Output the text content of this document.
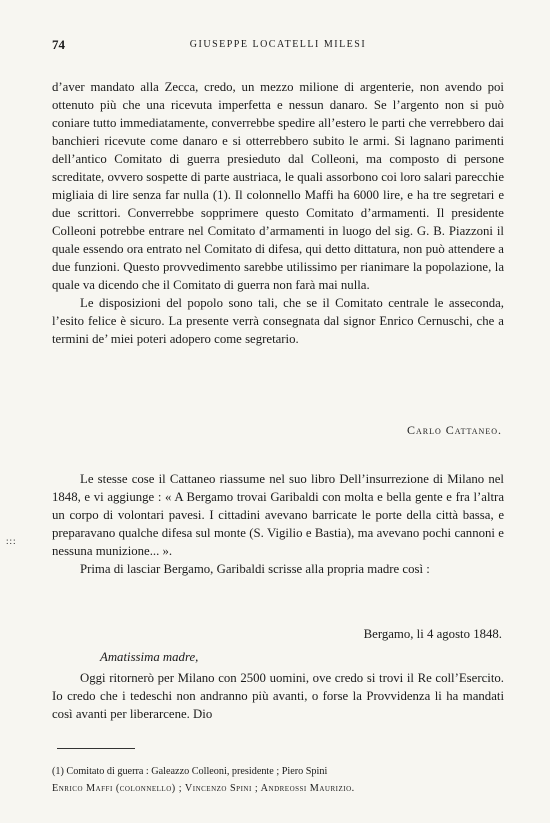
74	GIUSEPPE LOCATELLI MILESI
d’aver mandato alla Zecca, credo, un mezzo milione di argenterie, non avendo poi ottenuto più che una ricevuta imperfetta e nessun danaro. Se l’argento non si può coniare tutto immediatamente, converrebbe spedire all’estero le parti che verrebbero dai banchieri ricevute come danaro e si otterrebbero subito le armi. Si lagnano parimenti dell’antico Comitato di guerra presieduto dal Colleoni, ma composto di persone screditate, ovvero sospette di parte austriaca, le quali assorbono coi loro salari parecchie migliaia di lire senza far nulla (1). Il colonnello Maffi ha 6000 lire, e ha tre segretari e due scrittori. Converrebbe sopprimere questo Comitato d’armamenti. Il presidente Colleoni potrebbe entrare nel Comitato d’armamenti in luogo del sig. G. B. Piazzoni il quale essendo ora entrato nel Comitato di difesa, qui detto dittatura, non può attendere a due funzioni. Questo provvedimento sarebbe utilissimo per rianimare la popolazione, la quale va dicendo che il Comitato di guerra non farà mai nulla.
Le disposizioni del popolo sono tali, che se il Comitato centrale le asseconda, l’esito felice è sicuro. La presente verrà consegnata dal signor Enrico Cernuschi, che a termini de’ miei poteri adopero come segretario.
Carlo Cattaneo.
Le stesse cose il Cattaneo riassume nel suo libro Dell’insurrezione di Milano nel 1848, e vi aggiunge : « A Bergamo trovai Garibaldi con molta e bella gente e fra l’altra un corpo di volontari pavesi. I cittadini avevano barricate le porte della città bassa, e preparavano qualche difesa sul monte (S. Vigilio e Bastia), ma avevano pochi cannoni e nessuna munizione... ».
Prima di lasciar Bergamo, Garibaldi scrisse alla propria madre così :
Bergamo, li 4 agosto 1848.
Amatissima madre,
Oggi ritornerò per Milano con 2500 uomini, ove credo si trovi il Re coll’Esercito. Io credo che i tedeschi non andranno più avanti, o forse la Provvidenza li ha mandati così avanti per liberarcene. Dio
(1) Comitato di guerra : Galeazzo Colleoni, presidente ; Piero Spini
Enrico Maffi (colonnello) ; Vincenzo Spini ; Andreossi Maurizio.
:::
